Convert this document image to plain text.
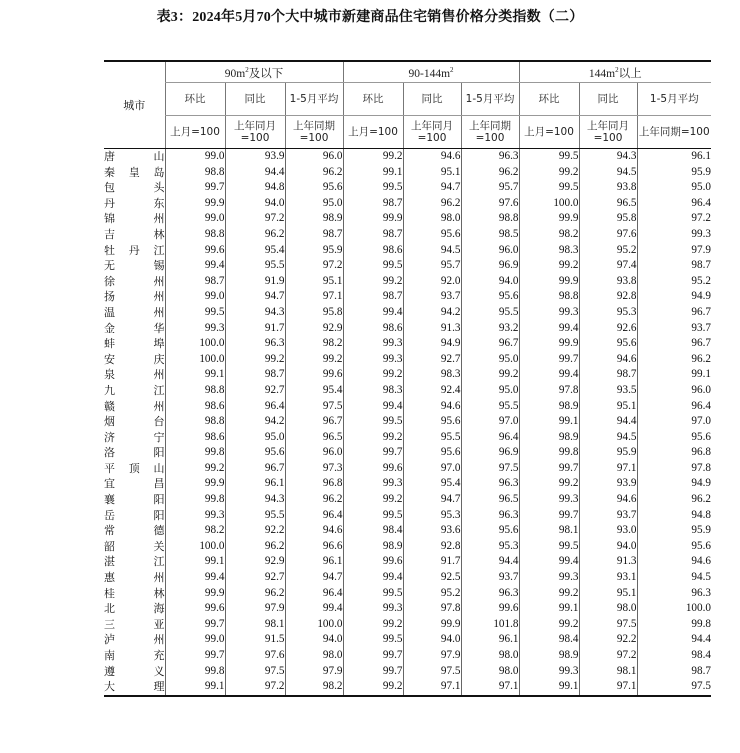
表3：2024年5月70个大中城市新建商品住宅销售价格分类指数（二）
城市	$90m^2$及以下			$90-144m^2$			$144m^2$以上		
	环比	同比	1-5月平均	环比	同比	1-5月平均	环比	同比	1-5月平均
	上月=100	上年同月=100	上年同期=100	上月=100	上年同月=100	上年同期=100	上月=100	上年同月=100	上年同期=100

唐山	99.0	93.9	96.0	99.2	94.6	96.3	99.5	94.3	96.1

秦皇岛	98.8	94.4	96.2	99.1	95.1	96.2	99.2	94.5	95.9

包头	99.7	94.8	95.6	99.5	94.7	95.7	99.5	93.8	95.0

丹东	99.9	94.0	95.0	98.7	96.2	97.6	100.0	96.5	96.4

锦州	99.0	97.2	98.9	99.9	98.0	98.8	99.9	95.8	97.2

吉林	98.8	96.2	98.7	98.7	95.6	98.5	98.2	97.6	99.3

牡丹江	99.6	95.4	95.9	98.6	94.5	96.0	98.3	95.2	97.9

无锡	99.4	95.5	97.2	99.5	95.7	96.9	99.2	97.4	98.7

徐州	98.7	91.9	95.1	99.2	92.0	94.0	99.9	93.8	95.2

扬州	99.0	94.7	97.1	98.7	93.7	95.6	98.8	92.8	94.9

温州	99.5	94.3	95.8	99.4	94.2	95.5	99.3	95.3	96.7

金华	99.3	91.7	92.9	98.6	91.3	93.2	99.4	92.6	93.7

蚌埠	100.0	96.3	98.2	99.3	94.9	96.7	99.9	95.6	96.7

安庆	100.0	99.2	99.2	99.3	92.7	95.0	99.7	94.6	96.2

泉州	99.1	98.7	99.6	99.2	98.3	99.2	99.4	98.7	99.1

九江	98.8	92.7	95.4	98.3	92.4	95.0	97.8	93.5	96.0

赣州	98.6	96.4	97.5	99.4	94.6	95.5	98.9	95.1	96.4

烟台	98.8	94.2	96.7	99.5	95.6	97.0	99.1	94.4	97.0

济宁	98.6	95.0	96.5	99.2	95.5	96.4	98.9	94.5	95.6

洛阳	99.8	95.6	96.0	99.7	95.6	96.9	99.8	95.9	96.8

平顶山	99.2	96.7	97.3	99.6	97.0	97.5	99.7	97.1	97.8

宜昌	99.9	96.1	96.8	99.3	95.4	96.3	99.2	93.9	94.9

襄阳	99.8	94.3	96.2	99.2	94.7	96.5	99.3	94.6	96.2

岳阳	99.3	95.5	96.4	99.5	95.3	96.3	99.7	93.7	94.8

常德	98.2	92.2	94.6	98.4	93.6	95.6	98.1	93.0	95.9

韶关	100.0	96.2	96.6	98.9	92.8	95.3	99.5	94.0	95.6

湛江	99.1	92.9	96.1	99.6	91.7	94.4	99.4	91.3	94.6

惠州	99.4	92.7	94.7	99.4	92.5	93.7	99.3	93.1	94.5

桂林	99.9	96.2	96.4	99.5	95.2	96.3	99.2	95.1	96.3

北海	99.6	97.9	99.4	99.3	97.8	99.6	99.1	98.0	100.0

三亚	99.7	98.1	100.0	99.2	99.9	101.8	99.2	97.5	99.8

泸州	99.0	91.5	94.0	99.5	94.0	96.1	98.4	92.2	94.4

南充	99.7	97.6	98.0	99.7	97.9	98.0	98.9	97.2	98.4

遵义	99.8	97.5	97.9	99.7	97.5	98.0	99.3	98.1	98.7

大理	99.1	97.2	98.2	99.2	97.1	97.1	99.1	97.1	97.5
